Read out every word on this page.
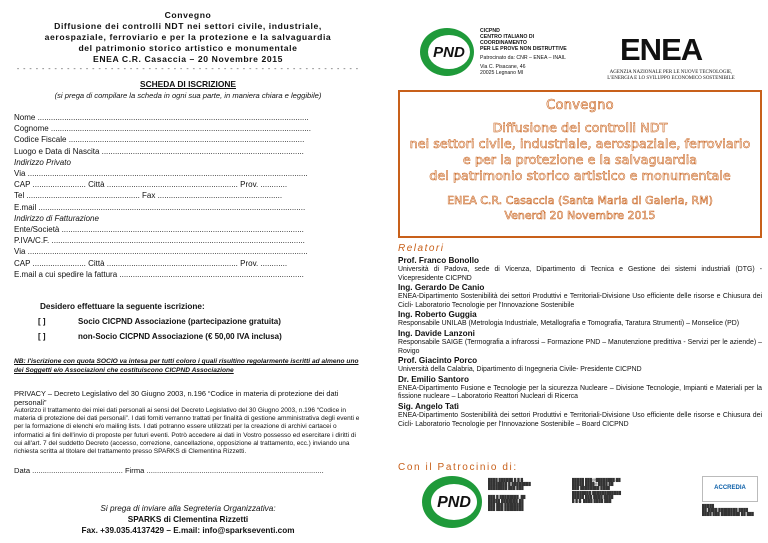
Convegno
Diffusione dei controlli NDT nei settori civile, industriale,
aerospaziale, ferroviario e per la protezione e la salvaguardia
del patrimonio storico artistico e monumentale
ENEA C.R. Casaccia – 20 Novembre 2015
- - - - - - - - - - - - - - - - - - - - - - - - - - - - - - - - - - - - - - - - - - - - - - - - - - - - - - -
SCHEDA DI ISCRIZIONE
(si prega di compilare la scheda in ogni sua parte, in maniera chiara e leggibile)
Nome ..........................................................................................................................
Cognome .....................................................................................................................
Codice Fiscale ..........................................................................................................
Luogo e Data di Nascita ...........................................................................................
Indirizzo Privato
Via ..............................................................................................................................
CAP ........................ Città ........................................................... Prov. ............
Tel ................................................... Fax ........................................................
E.mail ........................................................................................................................
Indirizzo di Fatturazione
Ente/Società .............................................................................................................
P.IVA/C.F. ..................................................................................................................
Via ..............................................................................................................................
CAP ........................ Città ........................................................... Prov. ............
E.mail a cui spedire la fattura ...................................................................................
Desidero effettuare la seguente iscrizione:
[ ]	Socio CICPND Associazione (partecipazione gratuita)
[ ]	non-Socio CICPND Associazione (€ 50,00 IVA inclusa)
NB: l'iscrizione con quota SOCIO va intesa per tutti coloro i quali risultino regolarmente iscritti ad almeno uno dei Soggetti e/o Associazioni che costituiscono CICPND Associazione
PRIVACY – Decreto Legislativo del 30 Giugno 2003, n.196 “Codice in materia di protezione dei dati personali”
Autorizzo il trattamento dei miei dati personali ai sensi del Decreto Legislativo del 30 Giugno 2003, n.196 “Codice in materia di protezione dei dati personali”. I dati forniti verranno trattati per finalità di gestione amministrativa degli eventi e per la formazione di elenchi e/o mailing lists. I dati potranno essere utilizzati per la creazione di archivi cartacei o informatici ai fini dell'invio di proposte per futuri eventi. Potrò accedere ai dati in Vostro possesso ed esercitare i diritti di cui all'art. 7 del suddetto Decreto (accesso, correzione, cancellazione, opposizione al trattamento, ecc.) inviando una richiesta scritta al titolare del trattamento presso SPARKS di Clementina Rizzetti.
Data ........................................... Firma ....................................................................................
Si prega di inviare alla Segreteria Organizzativa:
SPARKS di Clementina Rizzetti
Fax. +39.035.4137429 – E.mail: info@sparkseventi.com
PND
CICPND
CENTRO ITALIANO DI COORDINAMENTO
PER LE PROVE NON DISTRUTTIVE
Patrocinato da: CNR – ENEA – INAIL
Via C. Pisacane, 46
20025 Legnano MI
ENEA
AGENZIA NAZIONALE PER LE NUOVE TECNOLOGIE,
L'ENERGIA E LO SVILUPPO ECONOMICO SOSTENIBILE
Convegno
Diffusione dei controlli NDT
nei settori civile, industriale, aerospaziale, ferroviario
e per la protezione e la salvaguardia
del patrimonio storico artistico e monumentale
ENEA C.R. Casaccia (Santa Maria di Galeria, RM)
Venerdì 20 Novembre 2015
Relatori
Prof. Franco Bonollo
Università di Padova, sede di Vicenza, Dipartimento di Tecnica e Gestione dei sistemi industriali (DTG) - Vicepresidente CICPND
Ing. Gerardo De Canio
ENEA-Dipartimento Sostenibilità dei settori Produttivi e Territoriali-Divisione Uso efficiente delle risorse e Chiusura dei Cicli- Laboratorio Tecnologie per l'Innovazione Sostenibile
Ing. Roberto Guggia
Responsabile UNILAB (Metrologia Industriale, Metallografia e Tomografia, Taratura Strumenti) – Monselice (PD)
Ing. Davide Lanzoni
Responsabile SAIGE (Termografia a infrarossi – Formazione PND – Manutenzione predittiva - Servizi per le aziende) – Rovigo
Prof. Giacinto Porco
Università della Calabria, Dipartimento di Ingegneria Civile- Presidente CICPND
Dr. Emilio Santoro
ENEA-Dipartimento Fusione e Tecnologie per la sicurezza Nucleare – Divisione Tecnologie, Impianti e Materiali per la fissione nucleare – Laboratorio Reattori Nucleari di Ricerca
Sig. Angelo Tatì
ENEA-Dipartimento Sostenibilità dei settori Produttivi e Territoriali-Divisione Uso efficiente delle risorse e Chiusura dei Cicli- Laboratorio Tecnologie per l'Innovazione Sostenibile – Board CICPND
Con il Patrocinio di:
PND
████ ██████ █.█.█.
████████ █ ████████
████████ ███ ███

███ █ ████████, ██
█████ ███████ ██
███ ███ ████████
███ ███ ████████
█████ ███@████████.██
█████ ████@████.██
███ ████████ ████
████████ ████████████
█████ ███ ████ ████
█.█.█. ████ ████ ███
ACCREDIA
█████
██ ████ ████████ ████
████ ███ ████████ ██ ███
